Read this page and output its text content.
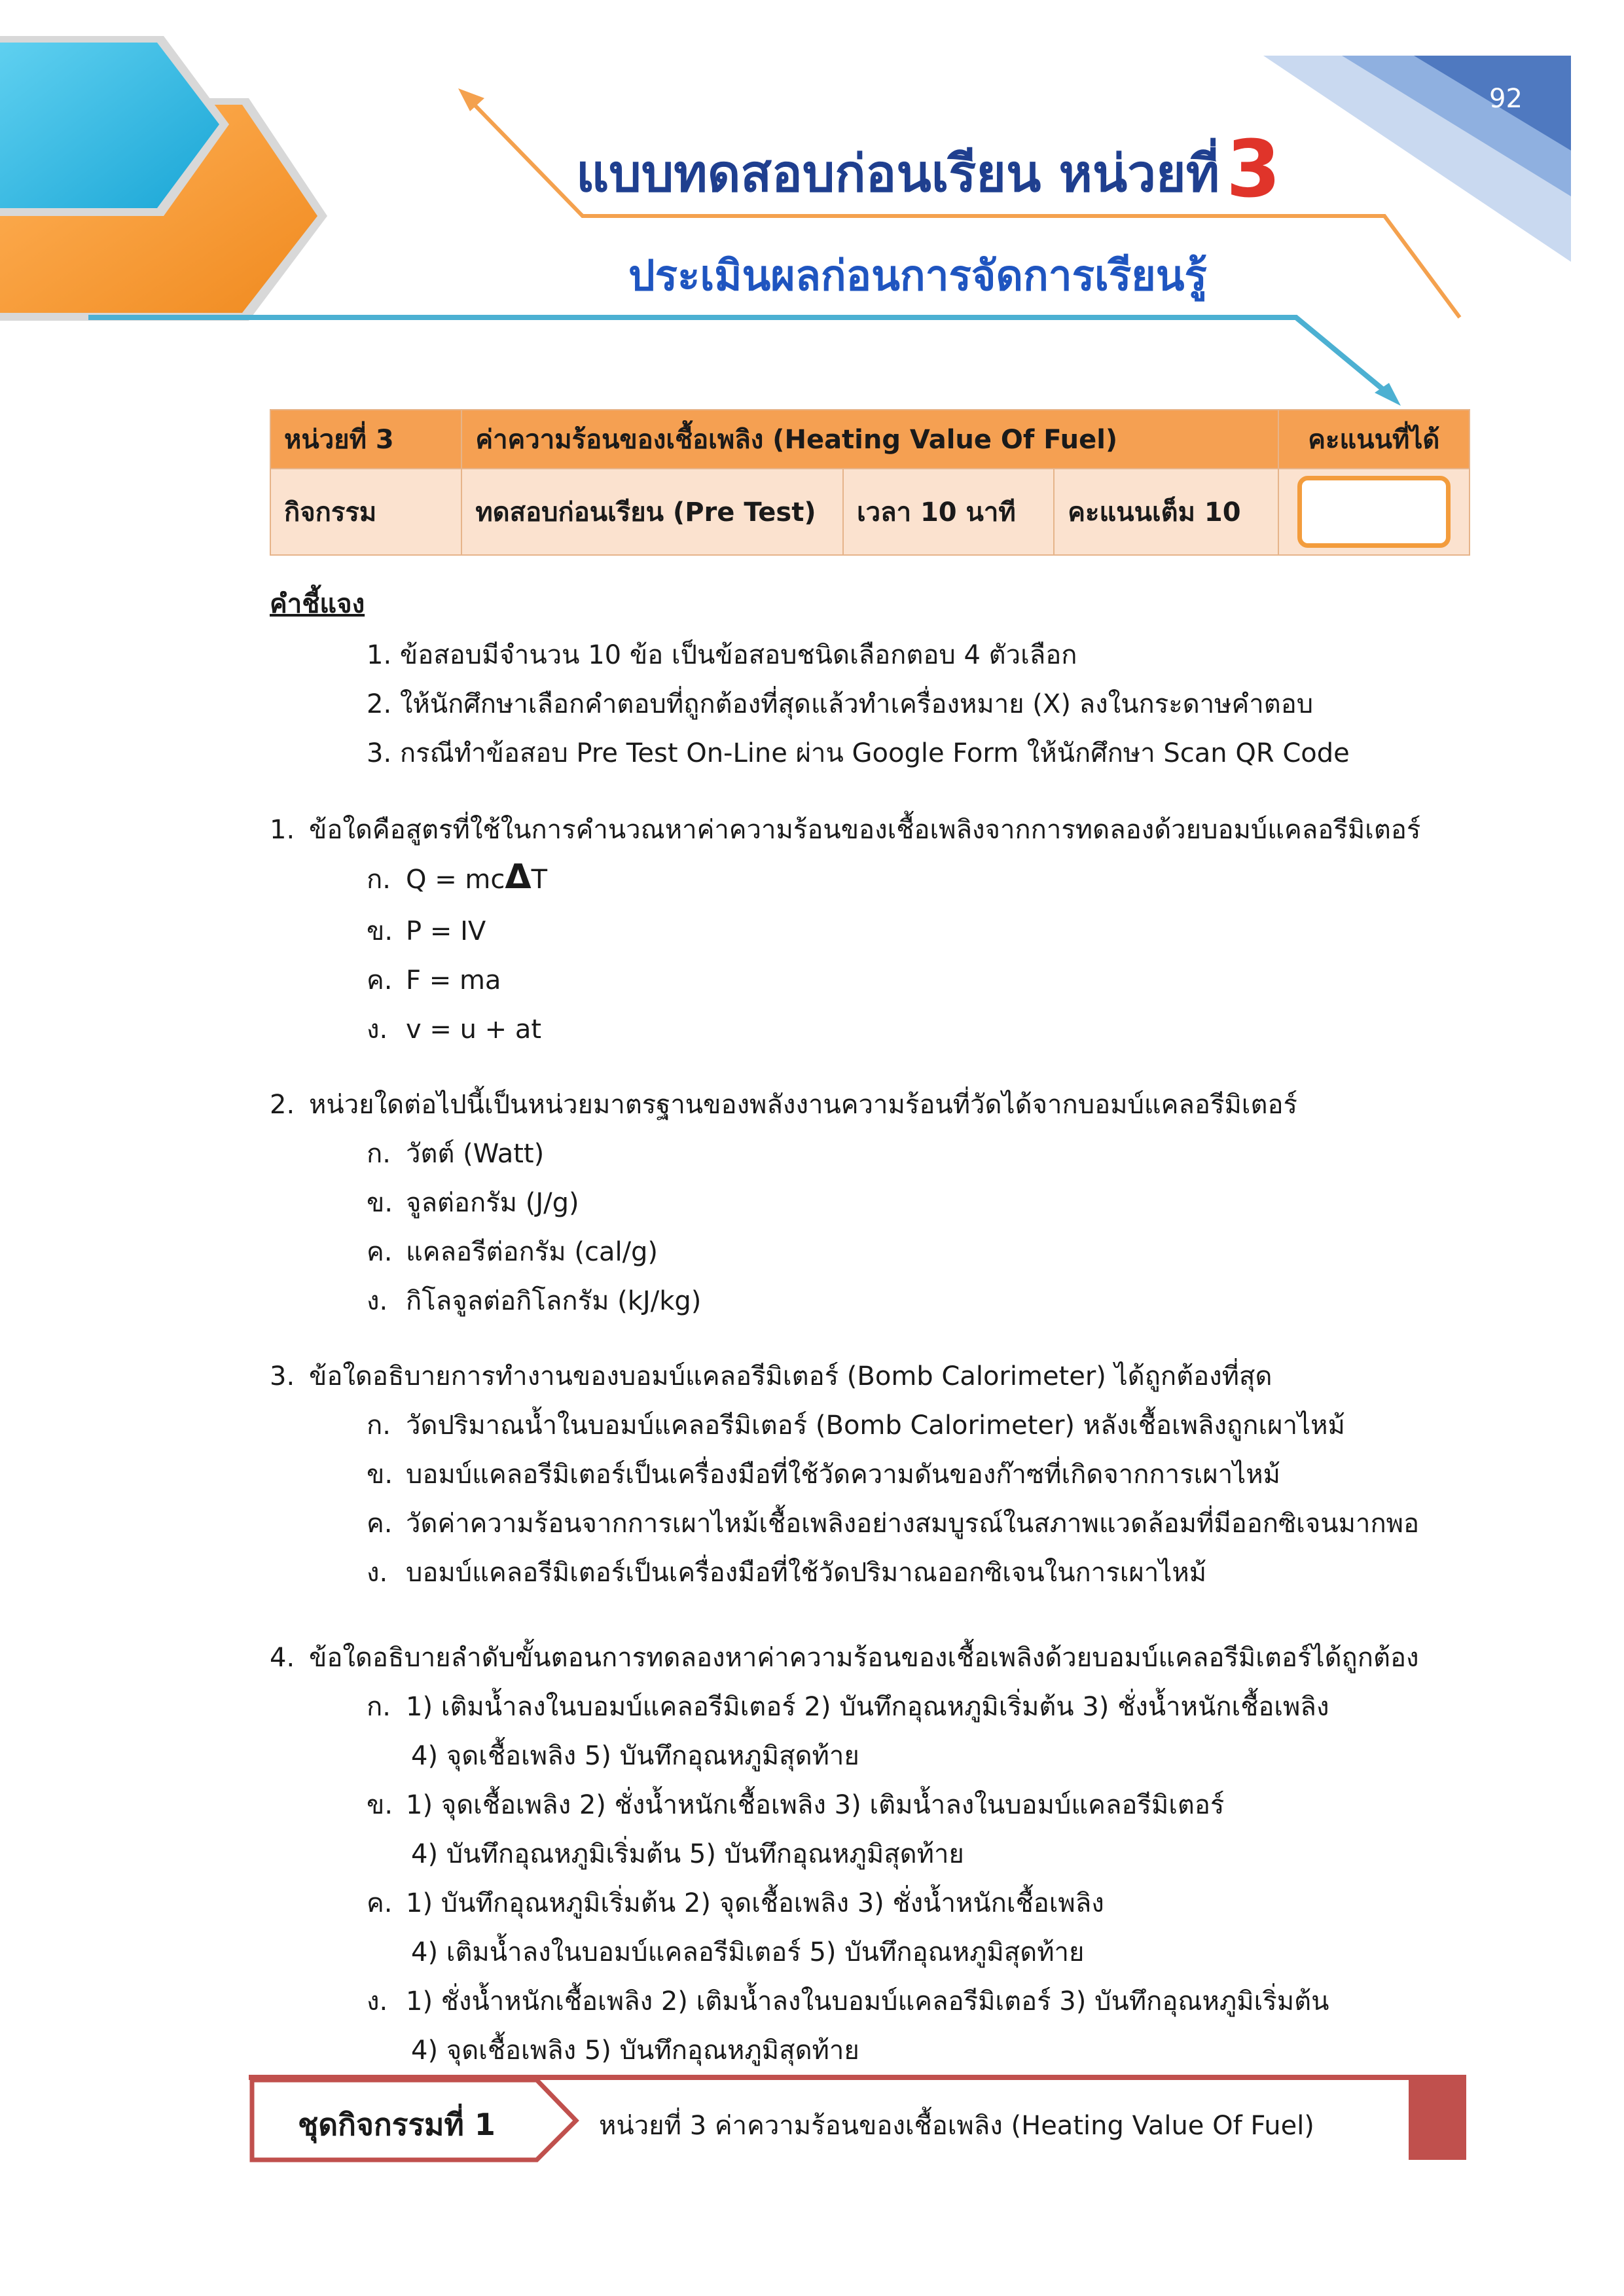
92
แบบทดสอบก่อนเรียน หน่วยที่3
ประเมินผลก่อนการจัดการเรียนรู้
หน่วยที่ 3	ค่าความร้อนของเชื้อเพลิง (Heating Value Of Fuel)			คะแนนที่ได้
กิจกรรม	ทดสอบก่อนเรียน (Pre Test)	เวลา 10 นาที	คะแนนเต็ม 10	
คำชี้แจง
1. ข้อสอบมีจำนวน 10 ข้อ เป็นข้อสอบชนิดเลือกตอบ 4 ตัวเลือก
2. ให้นักศึกษาเลือกคำตอบที่ถูกต้องที่สุดแล้วทำเครื่องหมาย (X) ลงในกระดาษคำตอบ
3. กรณีทำข้อสอบ Pre Test On-Line ผ่าน Google Form ให้นักศึกษา Scan QR Code
1. ข้อใดคือสูตรที่ใช้ในการคำนวณหาค่าความร้อนของเชื้อเพลิงจากการทดลองด้วยบอมบ์แคลอรีมิเตอร์
ก. Q = mcΔT
ข. P = IV
ค. F = ma
ง. v = u + at
2. หน่วยใดต่อไปนี้เป็นหน่วยมาตรฐานของพลังงานความร้อนที่วัดได้จากบอมบ์แคลอรีมิเตอร์
ก. วัตต์ (Watt)
ข. จูลต่อกรัม (J/g)
ค. แคลอรีต่อกรัม (cal/g)
ง. กิโลจูลต่อกิโลกรัม (kJ/kg)
3. ข้อใดอธิบายการทำงานของบอมบ์แคลอรีมิเตอร์ (Bomb Calorimeter) ได้ถูกต้องที่สุด
ก. วัดปริมาณน้ำในบอมบ์แคลอรีมิเตอร์ (Bomb Calorimeter) หลังเชื้อเพลิงถูกเผาไหม้
ข. บอมบ์แคลอรีมิเตอร์เป็นเครื่องมือที่ใช้วัดความดันของก๊าซที่เกิดจากการเผาไหม้
ค. วัดค่าความร้อนจากการเผาไหม้เชื้อเพลิงอย่างสมบูรณ์ในสภาพแวดล้อมที่มีออกซิเจนมากพอ
ง. บอมบ์แคลอรีมิเตอร์เป็นเครื่องมือที่ใช้วัดปริมาณออกซิเจนในการเผาไหม้
4. ข้อใดอธิบายลำดับขั้นตอนการทดลองหาค่าความร้อนของเชื้อเพลิงด้วยบอมบ์แคลอรีมิเตอร์ได้ถูกต้อง
ก. 1) เติมน้ำลงในบอมบ์แคลอรีมิเตอร์ 2) บันทึกอุณหภูมิเริ่มต้น 3) ชั่งน้ำหนักเชื้อเพลิง
4) จุดเชื้อเพลิง 5) บันทึกอุณหภูมิสุดท้าย
ข. 1) จุดเชื้อเพลิง 2) ชั่งน้ำหนักเชื้อเพลิง 3) เติมน้ำลงในบอมบ์แคลอรีมิเตอร์
4) บันทึกอุณหภูมิเริ่มต้น 5) บันทึกอุณหภูมิสุดท้าย
ค. 1) บันทึกอุณหภูมิเริ่มต้น 2) จุดเชื้อเพลิง 3) ชั่งน้ำหนักเชื้อเพลิง
4) เติมน้ำลงในบอมบ์แคลอรีมิเตอร์ 5) บันทึกอุณหภูมิสุดท้าย
ง. 1) ชั่งน้ำหนักเชื้อเพลิง 2) เติมน้ำลงในบอมบ์แคลอรีมิเตอร์ 3) บันทึกอุณหภูมิเริ่มต้น
4) จุดเชื้อเพลิง 5) บันทึกอุณหภูมิสุดท้าย
ชุดกิจกรรมที่ 1	หน่วยที่ 3 ค่าความร้อนของเชื้อเพลิง (Heating Value Of Fuel)
